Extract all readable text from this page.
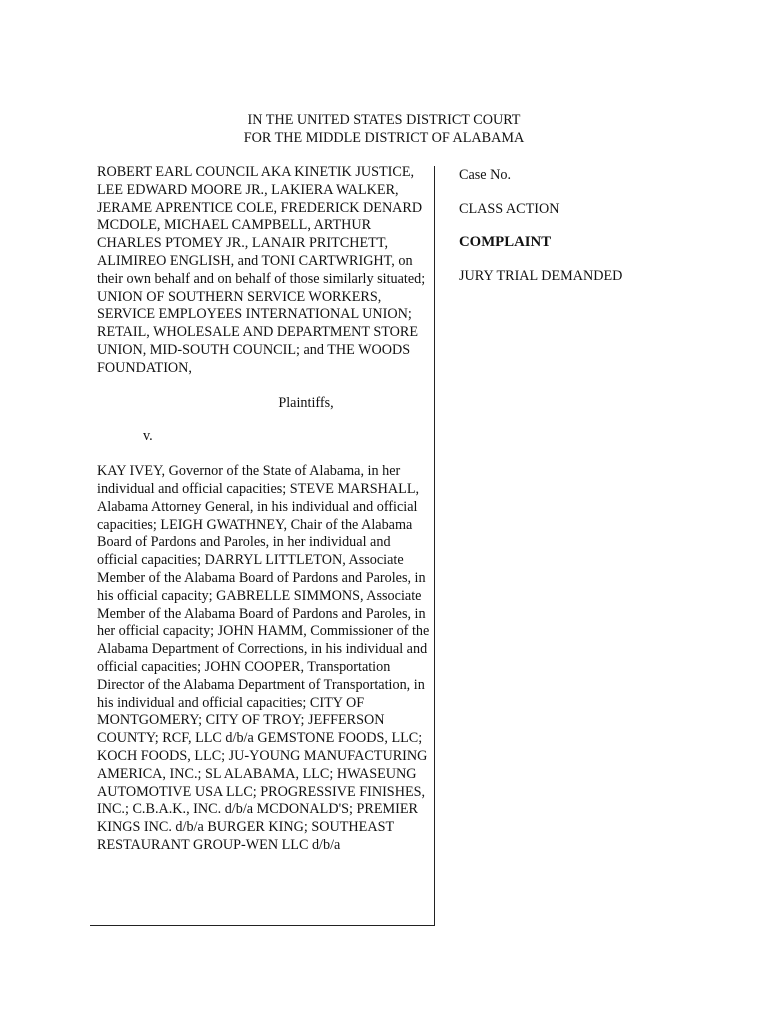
IN THE UNITED STATES DISTRICT COURT
FOR THE MIDDLE DISTRICT OF ALABAMA

ROBERT EARL COUNCIL AKA KINETIK JUSTICE, LEE EDWARD MOORE JR., LAKIERA WALKER, JERAME APRENTICE COLE, FREDERICK DENARD MCDOLE, MICHAEL CAMPBELL, ARTHUR CHARLES PTOMEY JR., LANAIR PRITCHETT, ALIMIREO ENGLISH, and TONI CARTWRIGHT, on their own behalf and on behalf of those similarly situated; UNION OF SOUTHERN SERVICE WORKERS, SERVICE EMPLOYEES INTERNATIONAL UNION; RETAIL, WHOLESALE AND DEPARTMENT STORE UNION, MID-SOUTH COUNCIL; and THE WOODS FOUNDATION,

Plaintiffs,

v.

KAY IVEY, Governor of the State of Alabama, in her individual and official capacities; STEVE MARSHALL, Alabama Attorney General, in his individual and official capacities; LEIGH GWATHNEY, Chair of the Alabama Board of Pardons and Paroles, in her individual and official capacities; DARRYL LITTLETON, Associate Member of the Alabama Board of Pardons and Paroles, in his official capacity; GABRELLE SIMMONS, Associate Member of the Alabama Board of Pardons and Paroles, in her official capacity; JOHN HAMM, Commissioner of the Alabama Department of Corrections, in his individual and official capacities; JOHN COOPER, Transportation Director of the Alabama Department of Transportation, in his individual and official capacities; CITY OF MONTGOMERY; CITY OF TROY; JEFFERSON COUNTY; RCF, LLC d/b/a GEMSTONE FOODS, LLC; KOCH FOODS, LLC; JU-YOUNG MANUFACTURING AMERICA, INC.; SL ALABAMA, LLC; HWASEUNG AUTOMOTIVE USA LLC; PROGRESSIVE FINISHES, INC.; C.B.A.K., INC. d/b/a MCDONALD'S; PREMIER KINGS INC. d/b/a BURGER KING; SOUTHEAST RESTAURANT GROUP-WEN LLC d/b/a

Case No.
CLASS ACTION
COMPLAINT
JURY TRIAL DEMANDED
